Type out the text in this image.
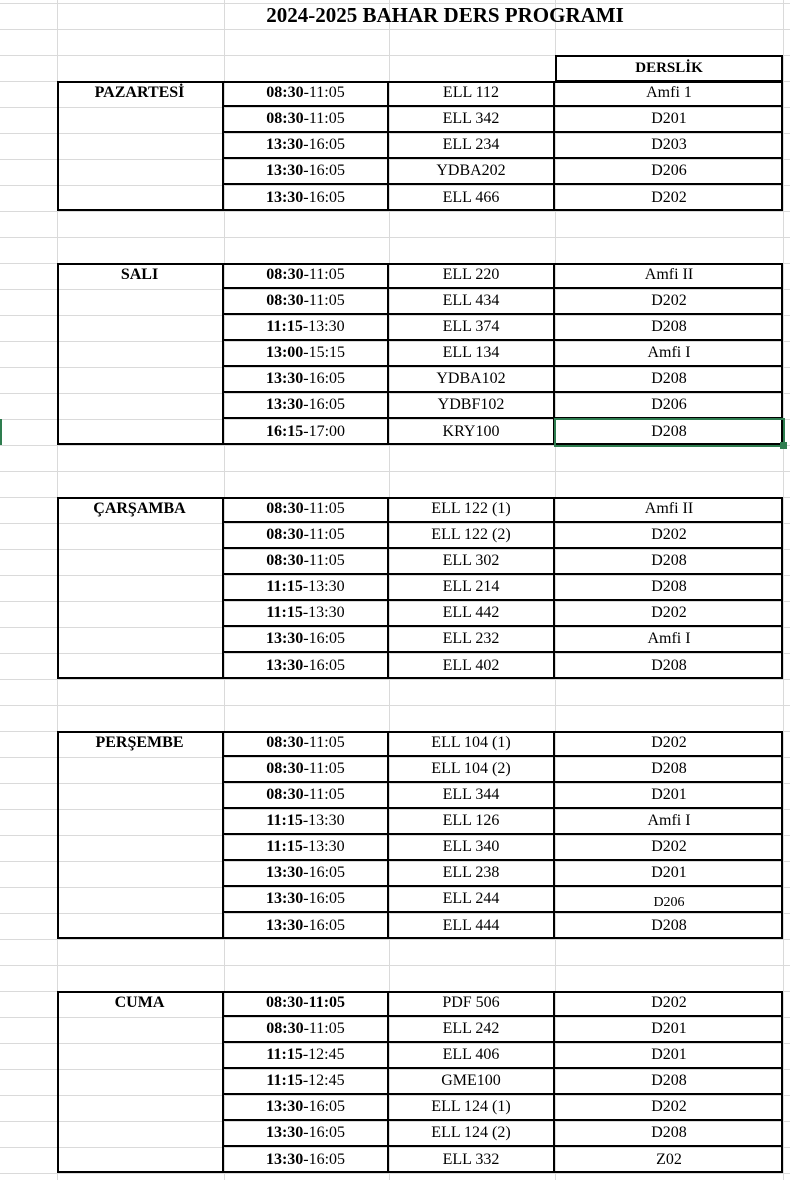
2024-2025 BAHAR DERS PROGRAMI
DERSLİK
PAZARTESİ	08:30 -11:05	ELL 112	Amfi 1
08:30 -11:05	ELL 342	D201
13:30 -16:05	ELL 234	D203
13:30 -16:05	YDBA202	D206
13:30 -16:05	ELL 466	D202
SALI	08:30 -11:05	ELL 220	Amfi II
08:30 -11:05	ELL 434	D202
11:15 -13:30	ELL 374	D208
13:00 -15:15	ELL 134	Amfi I
13:30 -16:05	YDBA102	D208
13:30 -16:05	YDBF102	D206
16:15 -17:00	KRY100	D208
ÇARŞAMBA	08:30 -11:05	ELL 122 (1)	Amfi II
08:30 -11:05	ELL 122 (2)	D202
08:30 -11:05	ELL 302	D208
11:15 -13:30	ELL 214	D208
11:15 -13:30	ELL 442	D202
13:30 -16:05	ELL 232	Amfi I
13:30 -16:05	ELL 402	D208
PERŞEMBE	08:30 -11:05	ELL 104 (1)	D202
08:30 -11:05	ELL 104 (2)	D208
08:30 -11:05	ELL 344	D201
11:15 -13:30	ELL 126	Amfi I
11:15 -13:30	ELL 340	D202
13:30 -16:05	ELL 238	D201
13:30 -16:05	ELL 244	D206
13:30 -16:05	ELL 444	D208
CUMA	08:30 -11:05	PDF 506	D202
08:30 -11:05	ELL 242	D201
11:15 -12:45	ELL 406	D201
11:15 -12:45	GME100	D208
13:30 -16:05	ELL 124 (1)	D202
13:30 -16:05	ELL 124 (2)	D208
13:30 -16:05	ELL 332	Z02
